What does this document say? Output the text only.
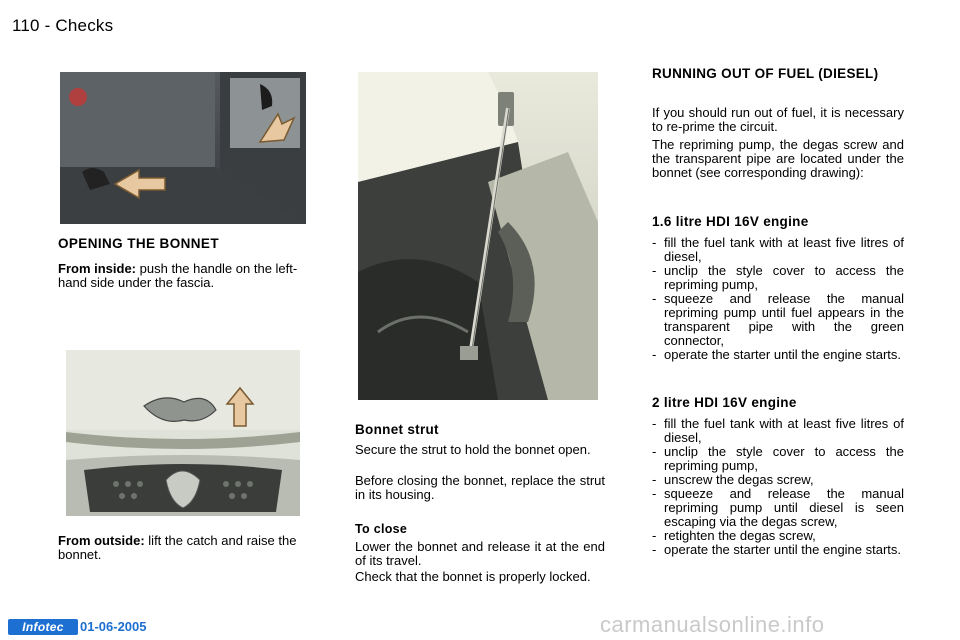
110 - Checks
OPENING THE BONNET
From inside: push the handle on the left-hand side under the fascia.
From outside: lift the catch and raise the bonnet.
Bonnet strut
Secure the strut to hold the bonnet open.
Before closing the bonnet, replace the strut in its housing.
To close
Lower the bonnet and release it at the end of its travel.
Check that the bonnet is properly locked.
RUNNING OUT OF FUEL (DIESEL)
If you should run out of fuel, it is necessary to re-prime the circuit.
The repriming pump, the degas screw and the transparent pipe are located under the bonnet (see corresponding drawing):
1.6 litre HDI 16V engine
- fill the fuel tank with at least five litres of diesel,
- unclip the style cover to access the repriming pump,
- squeeze and release the manual repriming pump until fuel appears in the transparent pipe with the green connector,
- operate the starter until the engine starts.
2 litre HDI 16V engine
- fill the fuel tank with at least five litres of diesel,
- unclip the style cover to access the repriming pump,
- unscrew the degas screw,
- squeeze and release the manual repriming pump until diesel is seen escaping via the degas screw,
- retighten the degas screw,
- operate the starter until the engine starts.
Infotec	01-06-2005	carmanualsonline.info
